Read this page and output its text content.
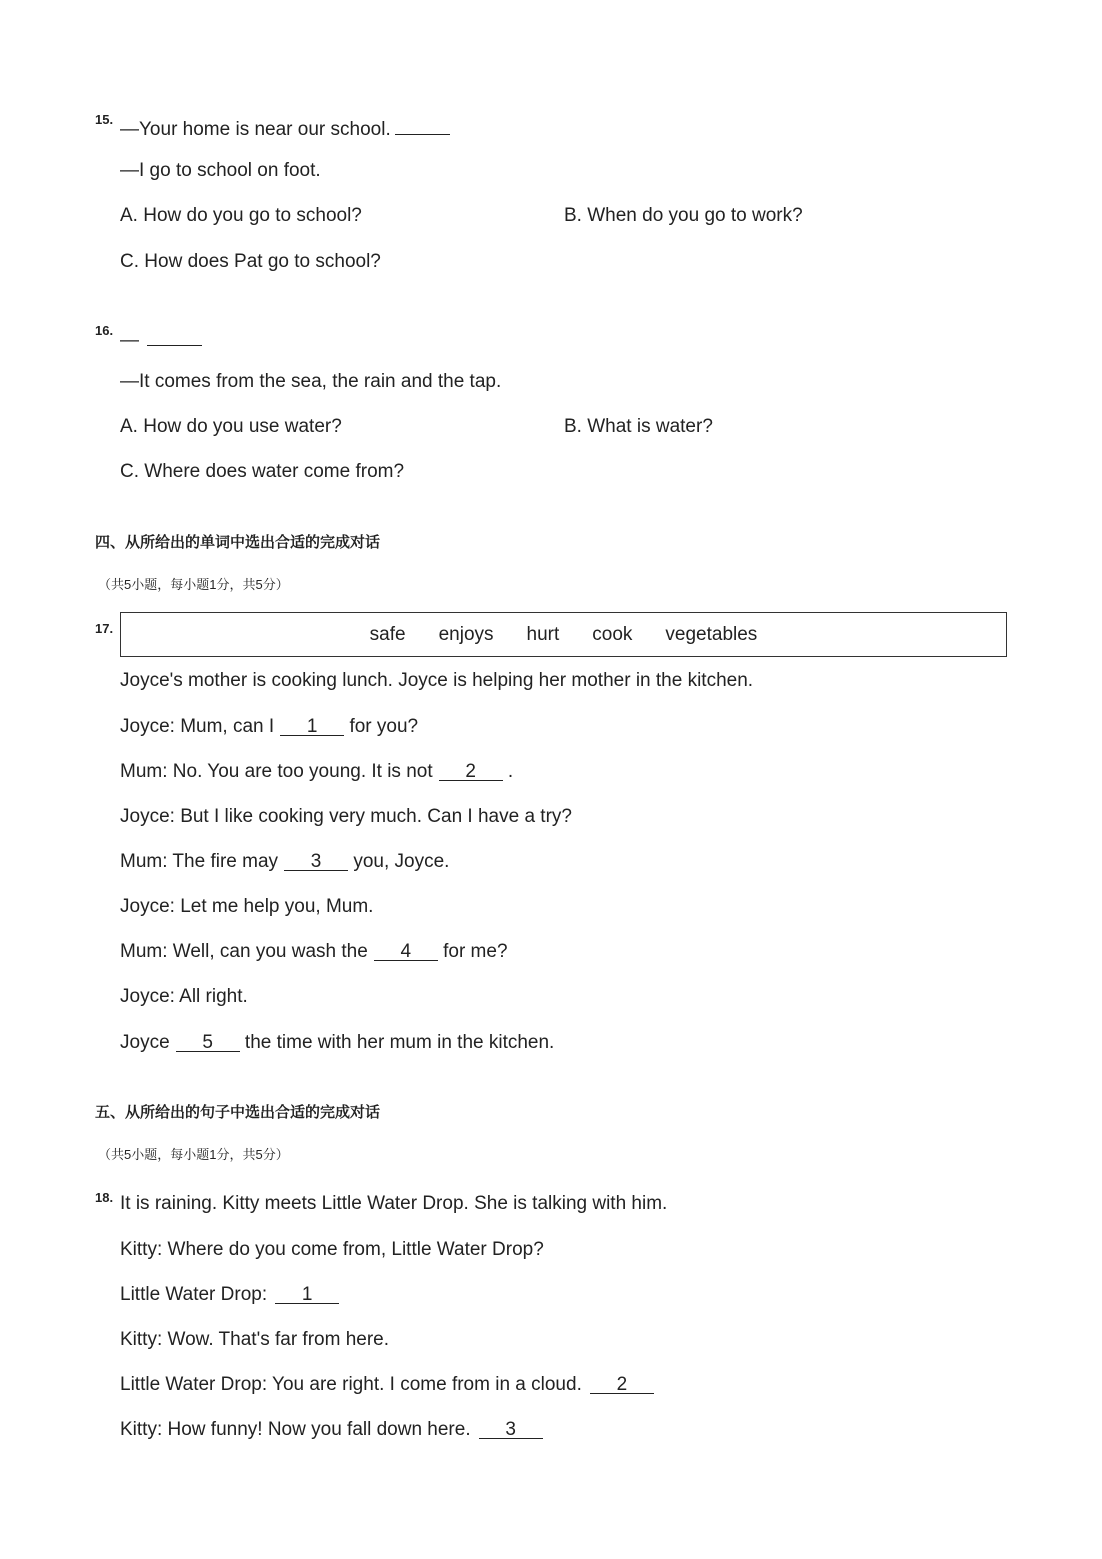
15. —Your home is near our school.
—I go to school on foot.
A. How do you go to school?	B. When do you go to work?
C. How does Pat go to school?
16. —
—It comes from the sea, the rain and the tap.
A. How do you use water?	B. What is water?
C. Where does water come from?
四、从所给出的单词中选出合适的完成对话
（共5小题，每小题1分，共5分）
17.	safe enjoys hurt cook vegetables
Joyce's mother is cooking lunch. Joyce is helping her mother in the kitchen.
Joyce: Mum, can I 1 for you?
Mum: No. You are too young. It is not 2 .
Joyce: But I like cooking very much. Can I have a try?
Mum: The fire may 3 you, Joyce.
Joyce: Let me help you, Mum.
Mum: Well, can you wash the 4 for me?
Joyce: All right.
Joyce 5 the time with her mum in the kitchen.
五、从所给出的句子中选出合适的完成对话
（共5小题，每小题1分，共5分）
18. It is raining. Kitty meets Little Water Drop. She is talking with him.
Kitty: Where do you come from, Little Water Drop?
Little Water Drop: 1
Kitty: Wow. That's far from here.
Little Water Drop: You are right. I come from in a cloud. 2
Kitty: How funny! Now you fall down here. 3
